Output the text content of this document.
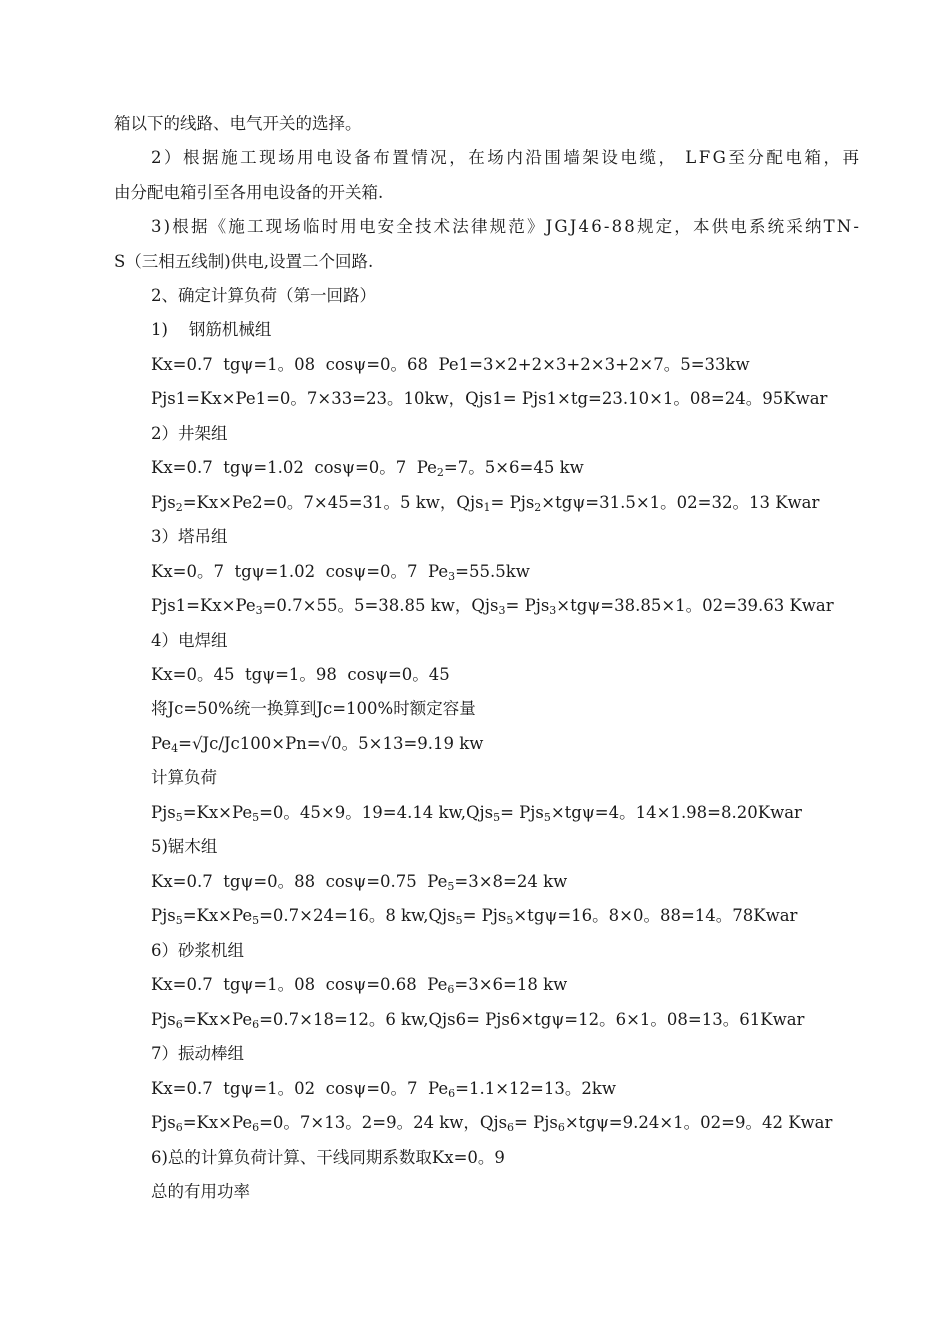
箱以下的线路、电气开关的选择。
2）根据施工现场用电设备布置情况，在场内沿围墙架设电缆， LFG至分配电箱，再
由分配电箱引至各用电设备的开关箱.
3)根据《施工现场临时用电安全技术法律规范》JGJ46-88规定，本供电系统采纳TN-
S（三相五线制)供电,设置二个回路.
2、确定计算负荷（第一回路）
1)    钢筋机械组
Kx=0.7  tgψ=1。08  cosψ=0。68  Pe1=3×2+2×3+2×3+2×7。5=33kw
Pjs1=Kx×Pe1=0。7×33=23。10kw，Qjs1= Pjs1×tg=23.10×1。08=24。95Kwar
2）井架组
Kx=0.7  tgψ=1.02  cosψ=0。7  $Pe_2=7$。5×6=45 kw
Pjs$_2$=Kx×Pe2=0。7×45=31。5 kw，Qjs$_1$= Pjs$_2$×tgψ=31.5×1。02=32。13 Kwar
3）塔吊组
Kx=0。7  tgψ=1.02  cosψ=0。7  $Pe_3=55.5kw$
$Pjs1=Kx\times Pe_3=0.7\times 55$。5=38.85 kw，Qjs$_3$= Pjs$_3$×tgψ=38.85×1。02=39.63 Kwar
4）电焊组
Kx=0。45  tgψ=1。98  cosψ=0。45
将Jc=50%统一换算到Jc=100%时额定容量
$Pe_4=√Jc/Jc100\times Pn=√0$。5×13=9.19 kw
计算负荷
$Pjs_5=Kx\times Pe_5=0$。45×9。19=4.14 kw,Qjs$_5$= Pjs$_5$×tgψ=4。14×1.98=8.20Kwar
5)锯木组
Kx=0.7  tgψ=0。88  cosψ=0.75  $Pe_5=3\times 8=24$ kw
$Pjs_5=Kx\times Pe_5=0.7\times 24=16$。8 kw,Qjs$_5$= Pjs$_5$×tgψ=16。8×0。88=14。78Kwar
6）砂浆机组
Kx=0.7  tgψ=1。08  cosψ=0.68  $Pe_6=3\times 6=18$ kw
$Pjs_6=Kx\times Pe_6=0.7\times 18=12$。6 kw,Qjs6= Pjs6×tgψ=12。6×1。08=13。61Kwar
7）振动棒组
Kx=0.7  tgψ=1。02  cosψ=0。7  $Pe_6=1.1\times 12=13$。2kw
$Pjs_6=Kx\times Pe_6=0$。7×13。2=9。24 kw，Qjs$_6$= Pjs$_6$×tgψ=9.24×1。02=9。42 Kwar
6)总的计算负荷计算、干线同期系数取Kx=0。9
总的有用功率
